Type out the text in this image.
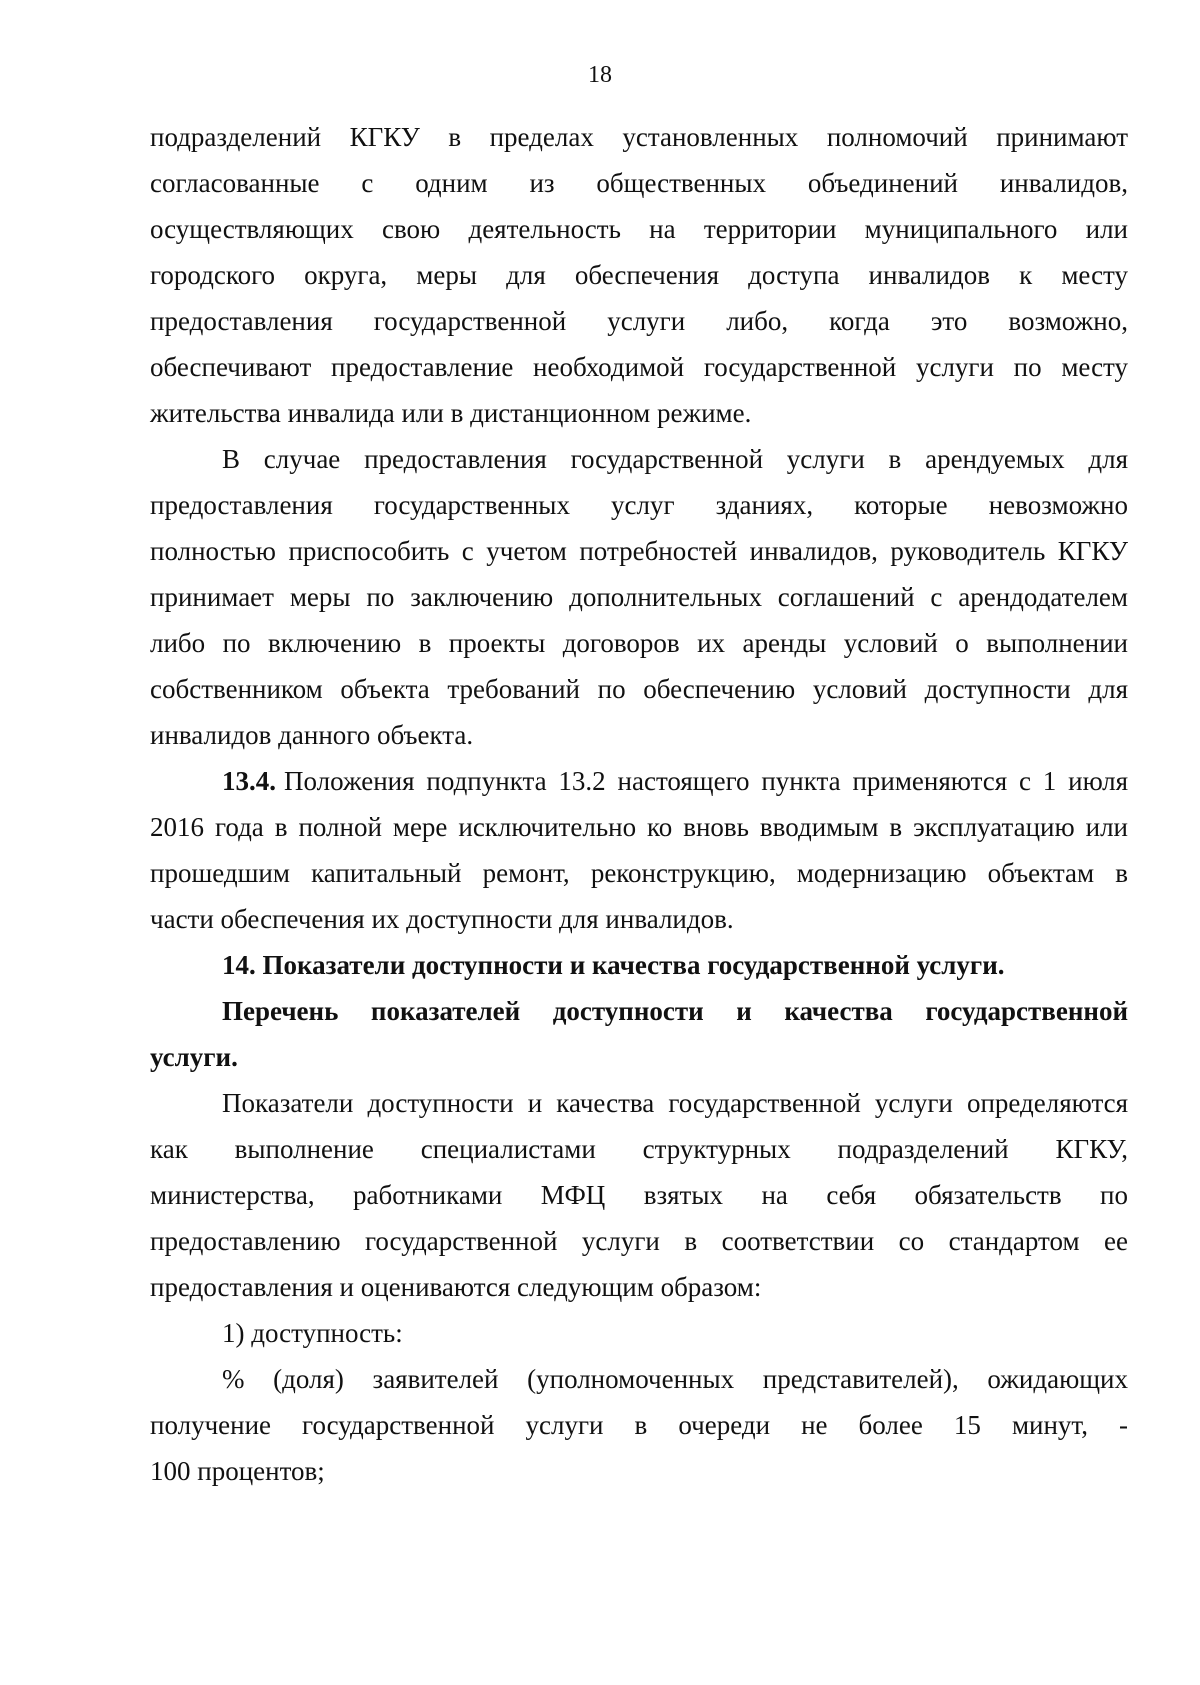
18
подразделений КГКУ в пределах установленных полномочий принимают
согласованные с одним из общественных объединений инвалидов,
осуществляющих свою деятельность на территории муниципального или
городского округа, меры для обеспечения доступа инвалидов к месту
предоставления государственной услуги либо, когда это возможно,
обеспечивают предоставление необходимой государственной услуги по месту
жительства инвалида или в дистанционном режиме.
В случае предоставления государственной услуги в арендуемых для
предоставления государственных услуг зданиях, которые невозможно
полностью приспособить с учетом потребностей инвалидов, руководитель КГКУ
принимает меры по заключению дополнительных соглашений с арендодателем
либо по включению в проекты договоров их аренды условий о выполнении
собственником объекта требований по обеспечению условий доступности для
инвалидов данного объекта.
13.4. Положения подпункта 13.2 настоящего пункта применяются с 1 июля
2016 года в полной мере исключительно ко вновь вводимым в эксплуатацию или
прошедшим капитальный ремонт, реконструкцию, модернизацию объектам в
части обеспечения их доступности для инвалидов.
14. Показатели доступности и качества государственной услуги.
Перечень показателей доступности и качества государственной
услуги.
Показатели доступности и качества государственной услуги определяются
как выполнение специалистами структурных подразделений КГКУ,
министерства, работниками МФЦ взятых на себя обязательств по
предоставлению государственной услуги в соответствии со стандартом ее
предоставления и оцениваются следующим образом:
1) доступность:
% (доля) заявителей (уполномоченных представителей), ожидающих
получение государственной услуги в очереди не более 15 минут, -
100 процентов;
